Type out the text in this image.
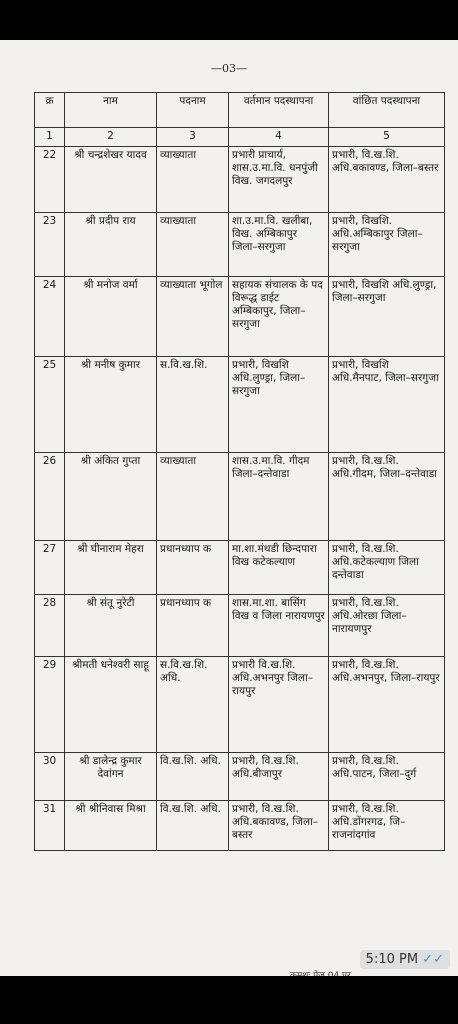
—03—
क्र	नाम	पदनाम	वर्तमान पदस्थापना	वांछित पदस्थापना
1	2	3	4	5
22	श्री चन्द्रशेखर यादव	व्याख्याता	प्रभारी प्राचार्य, शास.उ.मा.वि. धनपुंजी विख. जगदलपुर	प्रभारी, वि.ख.शि. अधि.बकावण्ड, जिला–बस्तर
23	श्री प्रदीप राय	व्याख्याता	शा.उ.मा.वि. खलीबा, विख. अम्बिकापुर जिला–सरगुजा	प्रभारी, विखशि. अधि.अम्बिकापुर जिला–सरगुजा
24	श्री मनोज वर्मा	व्याख्याता भूगोल	सहायक संचालक के पद विरूद्ध डाईट अम्बिकापुर, जिला–सरगुजा	प्रभारी, विखशि अधि.लुण्ड्रा, जिला–सरगुजा
25	श्री मनीष कुमार	स.वि.ख.शि.	प्रभारी, विखशि अधि.लुण्ड्रा, जिला–सरगुजा	प्रभारी, विखशि अधि.मैनपाट, जिला–सरगुजा
26	श्री अंकित गुप्ता	व्याख्याता	शास.उ.मा.वि. गीदम जिला–दन्तेवाडा	प्रभारी, वि.ख.शि. अधि.गीदम, जिला–दन्तेवाडा
27	श्री घीनाराम मेहरा	प्रधानध्याप क	मा.शा.मंथडी छिन्दपारा विख कटेकल्याण	प्रभारी, वि.ख.शि. अधि.कटेकल्याण जिला दन्तेवाडा
28	श्री संतू नुरेटी	प्रधानध्याप क	शास.मा.शा. बासिंग विख व जिला नारायणपुर	प्रभारी, वि.ख.शि. अधि.ओरछा जिला–नारायणपुर
29	श्रीमती धनेश्वरी साहू	स.वि.ख.शि. अधि.	प्रभारी वि.ख.शि. अधि.अभनपुर जिला–रायपुर	प्रभारी, वि.ख.शि. अधि.अभनपुर, जिला–रायपुर
30	श्री डालेन्द्र कुमार देवांगन	वि.ख.शि. अधि.	प्रभारी, वि.ख.शि. अधि.बीजापुर	प्रभारी, वि.ख.शि. अधि.पाटन, जिला–दुर्ग
31	श्री श्रीनिवास मिश्रा	वि.ख.शि. अधि.	प्रभारी, वि.ख.शि. अधि.बकावण्ड, जिला–बस्तर	प्रभारी, वि.ख.शि. अधि.डोंगरगढ, जि–राजनांदगांव
5:10 PM ✓✓
